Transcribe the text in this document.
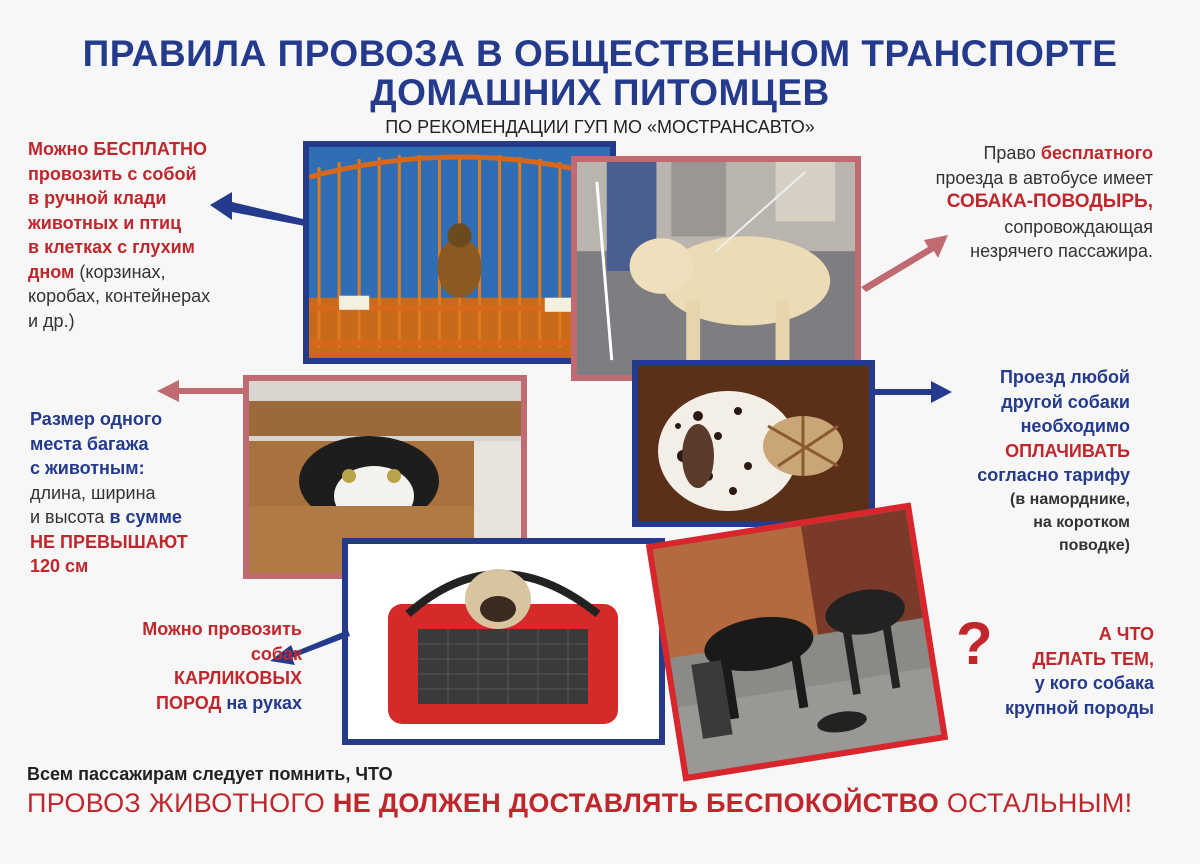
ПРАВИЛА ПРОВОЗА В ОБЩЕСТВЕННОМ ТРАНСПОРТЕ
ДОМАШНИХ ПИТОМЦЕВ
ПО РЕКОМЕНДАЦИИ ГУП МО «МОСТРАНСАВТО»
Можно БЕСПЛАТНО
провозить с собой
в ручной клади
животных и птиц
в клетках с глухим
дном (корзинах,
коробах, контейнерах
и др.)
Право бесплатного
проезда в автобусе имеет
СОБАКА-ПОВОДЫРЬ,
сопровождающая
незрячего пассажира.
Проезд любой
другой собаки
необходимо
ОПЛАЧИВАТЬ
согласно тарифу
(в наморднике,
на коротком
поводке)
Размер одного
места багажа
с животным:
длина, ширина
и высота в сумме
НЕ ПРЕВЫШАЮТ
120 см
Можно провозить
собак
КАРЛИКОВЫХ
ПОРОД на руках
?	А ЧТО
ДЕЛАТЬ ТЕМ,
у кого собака
крупной породы
Всем пассажирам следует помнить, ЧТО
ПРОВОЗ ЖИВОТНОГО НЕ ДОЛЖЕН ДОСТАВЛЯТЬ БЕСПОКОЙСТВО ОСТАЛЬНЫМ!
